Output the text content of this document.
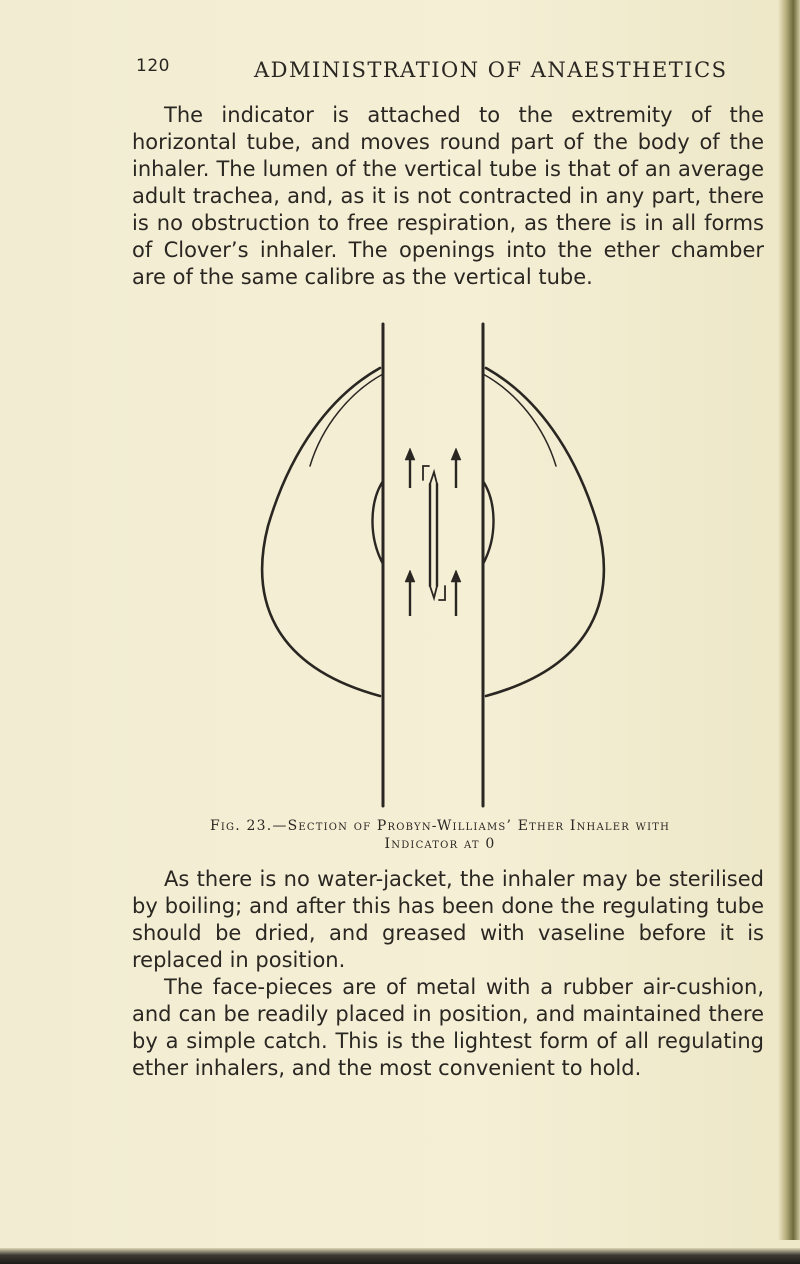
120	ADMINISTRATION OF ANAESTHETICS

The indicator is attached to the extremity of the horizontal tube, and moves round part of the body of the inhaler. The lumen of the vertical tube is that of an average adult trachea, and, as it is not contracted in any part, there is no obstruction to free respiration, as there is in all forms of Clover’s inhaler. The openings into the ether chamber are of the same calibre as the vertical tube.

Fig. 23.—Section of Probyn-Williams’ Ether Inhaler with
Indicator at 0

As there is no water-jacket, the inhaler may be sterilised by boiling; and after this has been done the regulating tube should be dried, and greased with vaseline before it is replaced in position.

The face-pieces are of metal with a rubber air-cushion, and can be readily placed in position, and maintained there by a simple catch. This is the lightest form of all regulating ether inhalers, and the most convenient to hold.
